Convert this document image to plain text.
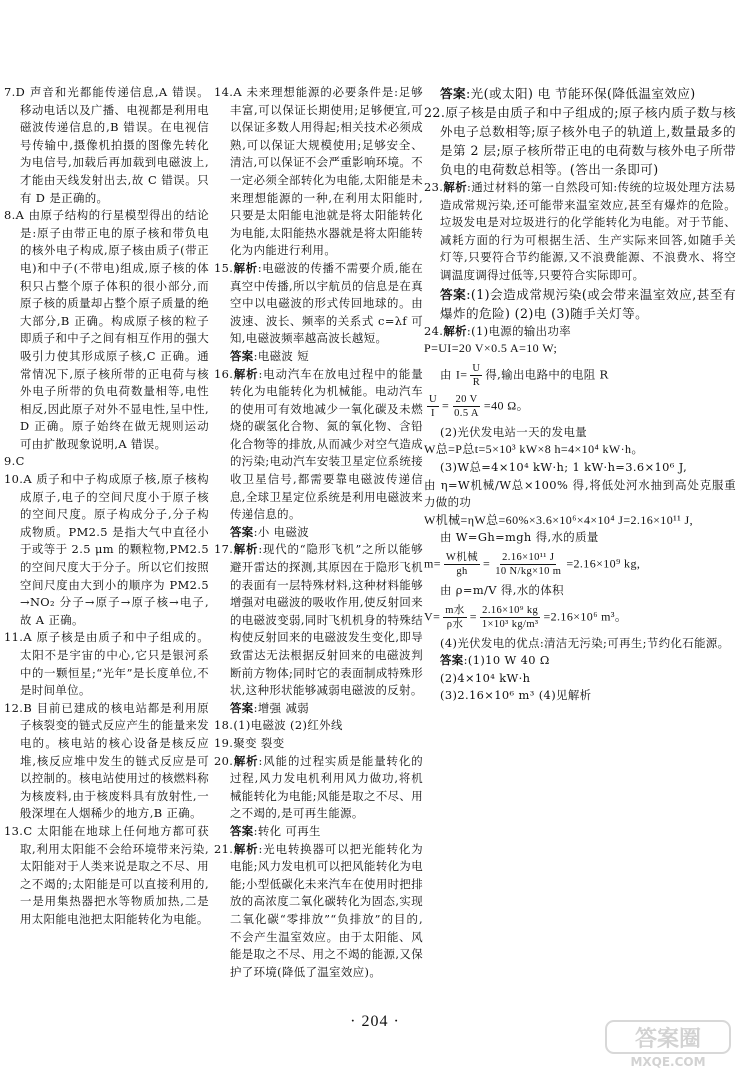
7.D 声音和光都能传递信息,A 错误。移动电话以及广播、电视都是利用电磁波传递信息的,B 错误。在电视信号传输中,摄像机拍摄的图像先转化为电信号,加载后再加载到电磁波上,才能由天线发射出去,故 C 错误。只有 D 是正确的。

8.A 由原子结构的行星模型得出的结论是:原子由带正电的原子核和带负电的核外电子构成,原子核由质子(带正电)和中子(不带电)组成,原子核的体积只占整个原子体积的很小部分,而原子核的质量却占整个原子质量的绝大部分,B 正确。构成原子核的粒子即质子和中子之间有相互作用的强大吸引力使其形成原子核,C 正确。通常情况下,原子核所带的正电荷与核外电子所带的负电荷数量相等,电性相反,因此原子对外不显电性,呈中性,D 正确。原子始终在做无规则运动可由扩散现象说明,A 错误。

9.C

10.A 质子和中子构成原子核,原子核构成原子,电子的空间尺度小于原子核的空间尺度。原子构成分子,分子构成物质。PM2.5 是指大气中直径小于或等于 2.5 μm 的颗粒物,PM2.5 的空间尺度大于分子。所以它们按照空间尺度由大到小的顺序为 PM2.5→NO₂ 分子→原子→原子核→电子,故 A 正确。

11.A 原子核是由质子和中子组成的。太阳不是宇宙的中心,它只是银河系中的一颗恒星;“光年”是长度单位,不是时间单位。

12.B 目前已建成的核电站都是利用原子核裂变的链式反应产生的能量来发电的。核电站的核心设备是核反应堆,核反应堆中发生的链式反应是可以控制的。核电站使用过的核燃料称为核废料,由于核废料具有放射性,一般深埋在人烟稀少的地方,B 正确。

13.C 太阳能在地球上任何地方都可获取,利用太阳能不会给环境带来污染,太阳能对于人类来说是取之不尽、用之不竭的;太阳能是可以直接利用的,一是用集热器把水等物质加热,二是用太阳能电池把太阳能转化为电能。

14.A 未来理想能源的必要条件是:足够丰富,可以保证长期使用;足够便宜,可以保证多数人用得起;相关技术必须成熟,可以保证大规模使用;足够安全、清洁,可以保证不会严重影响环境。不一定必须全部转化为电能,太阳能是未来理想能源的一种,在利用太阳能时,只要是太阳能电池就是将太阳能转化为电能,太阳能热水器就是将太阳能转化为内能进行利用。

15.解析:电磁波的传播不需要介质,能在真空中传播,所以宇航员的信息是在真空中以电磁波的形式传回地球的。由波速、波长、频率的关系式 c=λf 可知,电磁波频率越高波长越短。

答案:电磁波 短

16.解析:电动汽车在放电过程中的能量转化为电能转化为机械能。电动汽车的使用可有效地减少一氧化碳及未燃烧的碳氢化合物、氮的氧化物、含铅化合物等的排放,从而减少对空气造成的污染;电动汽车安装卫星定位系统接收卫星信号,都需要靠电磁波传递信息,全球卫星定位系统是利用电磁波来传递信息的。

答案:小 电磁波

17.解析:现代的“隐形飞机”之所以能够避开雷达的探测,其原因在于隐形飞机的表面有一层特殊材料,这种材料能够增强对电磁波的吸收作用,使反射回来的电磁波变弱,同时飞机机身的特殊结构使反射回来的电磁波发生变化,即导致雷达无法根据反射回来的电磁波判断前方物体;同时它的表面制成特殊形状,这种形状能够减弱电磁波的反射。

答案:增强 减弱

18.(1)电磁波 (2)红外线

19.聚变 裂变

20.解析:风能的过程实质是能量转化的过程,风力发电机利用风力做功,将机械能转化为电能;风能是取之不尽、用之不竭的,是可再生能源。

答案:转化 可再生

21.解析:光电转换器可以把光能转化为电能;风力发电机可以把风能转化为电能;小型低碳化未来汽车在使用时把排放的高浓度二氧化碳转化为固态,实现二氧化碳“零排放”“负排放”的目的,不会产生温室效应。由于太阳能、风能是取之不尽、用之不竭的能源,又保护了环境(降低了温室效应)。

答案:光(或太阳) 电 节能环保(降低温室效应)

22.原子核是由质子和中子组成的;原子核内质子数与核外电子总数相等;原子核外电子的轨道上,数量最多的是第 2 层;原子核所带正电的电荷数与核外电子所带负电的电荷数总相等。(答出一条即可)

23.解析:通过材料的第一自然段可知:传统的垃圾处理方法易造成常规污染,还可能带来温室效应,甚至有爆炸的危险。垃圾发电是对垃圾进行的化学能转化为电能。对于节能、减耗方面的行为可根据生活、生产实际来回答,如随手关灯等,只要符合节约能源,又不浪费能源、不浪费水、将空调温度调得过低等,只要符合实际即可。

答案:(1)会造成常规污染(或会带来温室效应,甚至有爆炸的危险) (2)电 (3)随手关灯等。

24.解析:(1)电源的输出功率

P=UI=20 V×0.5 A=10 W;

由 $I= \frac{U}{R}$ 得,输出电路中的电阻 R

$\frac{U}{I} = \frac{20 V}{0.5 A} =40$ Ω。

(2)光伏发电站一天的发电量

W总=P总t=5×10³ kW×8 h=4×10⁴ kW·h。

(3)W总=4×10⁴ kW·h; 1 kW·h=3.6×10⁶ J,

由 η=W机械/W总×100% 得,将低处河水抽到高处克服重力做的功

W机械=ηW总=60%×3.6×10⁶×4×10⁴ J=2.16×10¹¹ J,

由 W=Gh=mgh 得,水的质量

$m= \frac{\text{W机械}}{gh} = \frac{\text{2.16×10¹¹ J}}{10 N/kg\times 10 m} =2.16\times 10^9$ kg,

由 ρ=m/V 得,水的体积

$V= \frac{\text{m水}}{\text{ρ水}} = \frac{\text{2.16×10⁹ kg}}{\text{1×10³ kg/m³}} =2.16\times 10^6$ m³。

(4)光伏发电的优点:清洁无污染;可再生;节约化石能源。

答案:(1)10 W 40 Ω

(2)4×10⁴ kW·h

(3)2.16×10⁶ m³ (4)见解析

· 204 ·
答案圈
MXQE.COM
